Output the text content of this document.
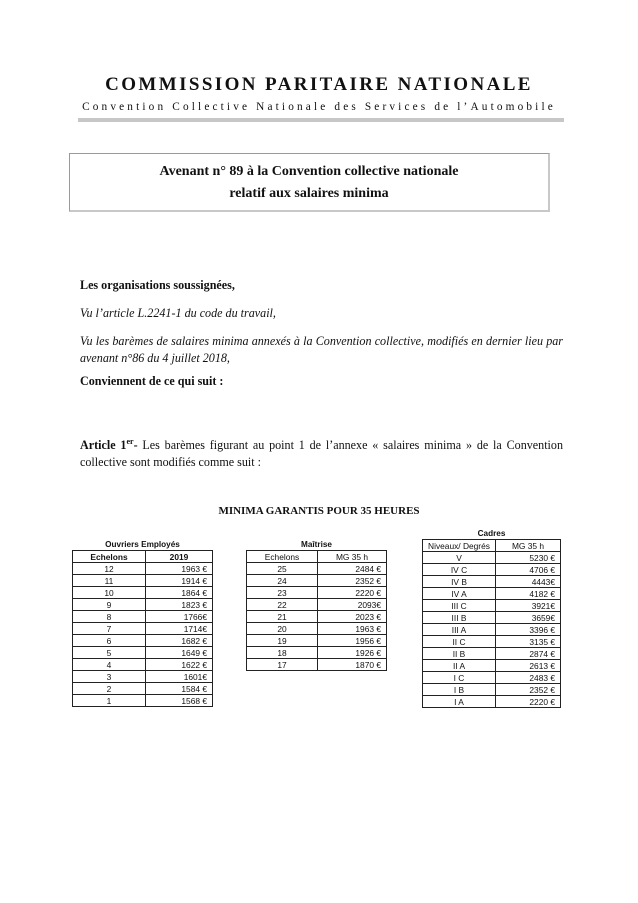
COMMISSION PARITAIRE NATIONALE
Convention Collective Nationale des Services de l’Automobile
Avenant n° 89 à la Convention collective nationale
relatif aux salaires minima
Les organisations soussignées,
Vu l’article L.2241-1 du code du travail,
Vu les barèmes de salaires minima annexés à la Convention collective, modifiés en dernier lieu par avenant n°86 du 4 juillet 2018,
Conviennent de ce qui suit :
Article 1er- Les barèmes figurant au point 1 de l’annexe « salaires minima » de la Convention collective sont modifiés comme suit :
MINIMA GARANTIS POUR 35 HEURES
Ouvriers Employés
Echelons	2019
12	1963 €
11	1914 €
10	1864 €
9	1823 €
8	1766€
7	1714€
6	1682 €
5	1649 €
4	1622 €
3	1601€
2	1584 €
1	1568 €
Maîtrise
Echelons	MG 35 h
25	2484 €
24	2352 €
23	2220 €
22	2093€
21	2023 €
20	1963 €
19	1956 €
18	1926 €
17	1870 €
Cadres
Niveaux/ Degrés	MG 35 h
V	5230 €
IV C	4706 €
IV B	4443€
IV A	4182 €
III C	3921€
III B	3659€
III A	3396 €
II C	3135 €
II B	2874 €
II A	2613 €
I C	2483 €
I B	2352 €
I A	2220 €
